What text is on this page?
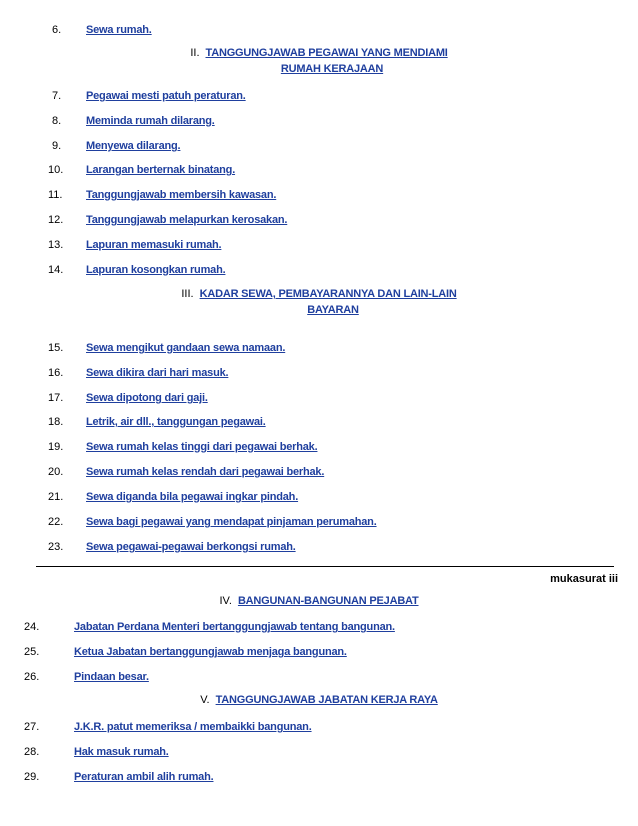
6. Sewa rumah.
II. TANGGUNGJAWAB PEGAWAI YANG MENDIAMI
RUMAH KERAJAAN
7. Pegawai mesti patuh peraturan.
8. Meminda rumah dilarang.
9. Menyewa dilarang.
10. Larangan berternak binatang.
11. Tanggungjawab membersih kawasan.
12. Tanggungjawab melapurkan kerosakan.
13. Lapuran memasuki rumah.
14. Lapuran kosongkan rumah.
III. KADAR SEWA, PEMBAYARANNYA DAN LAIN-LAIN
BAYARAN
15. Sewa mengikut gandaan sewa namaan.
16. Sewa dikira dari hari masuk.
17. Sewa dipotong dari gaji.
18. Letrik, air dll., tanggungan pegawai.
19. Sewa rumah kelas tinggi dari pegawai berhak.
20. Sewa rumah kelas rendah dari pegawai berhak.
21. Sewa diganda bila pegawai ingkar pindah.
22. Sewa bagi pegawai yang mendapat pinjaman perumahan.
23. Sewa pegawai-pegawai berkongsi rumah.
mukasurat iii
IV. BANGUNAN-BANGUNAN PEJABAT
24.	Jabatan Perdana Menteri bertanggungjawab tentang bangunan.
25.	Ketua Jabatan bertanggungjawab menjaga bangunan.
26.	Pindaan besar.
V. TANGGUNGJAWAB JABATAN KERJA RAYA
27.	J.K.R. patut memeriksa / membaikki bangunan.
28.	Hak masuk rumah.
29.	Peraturan ambil alih rumah.
